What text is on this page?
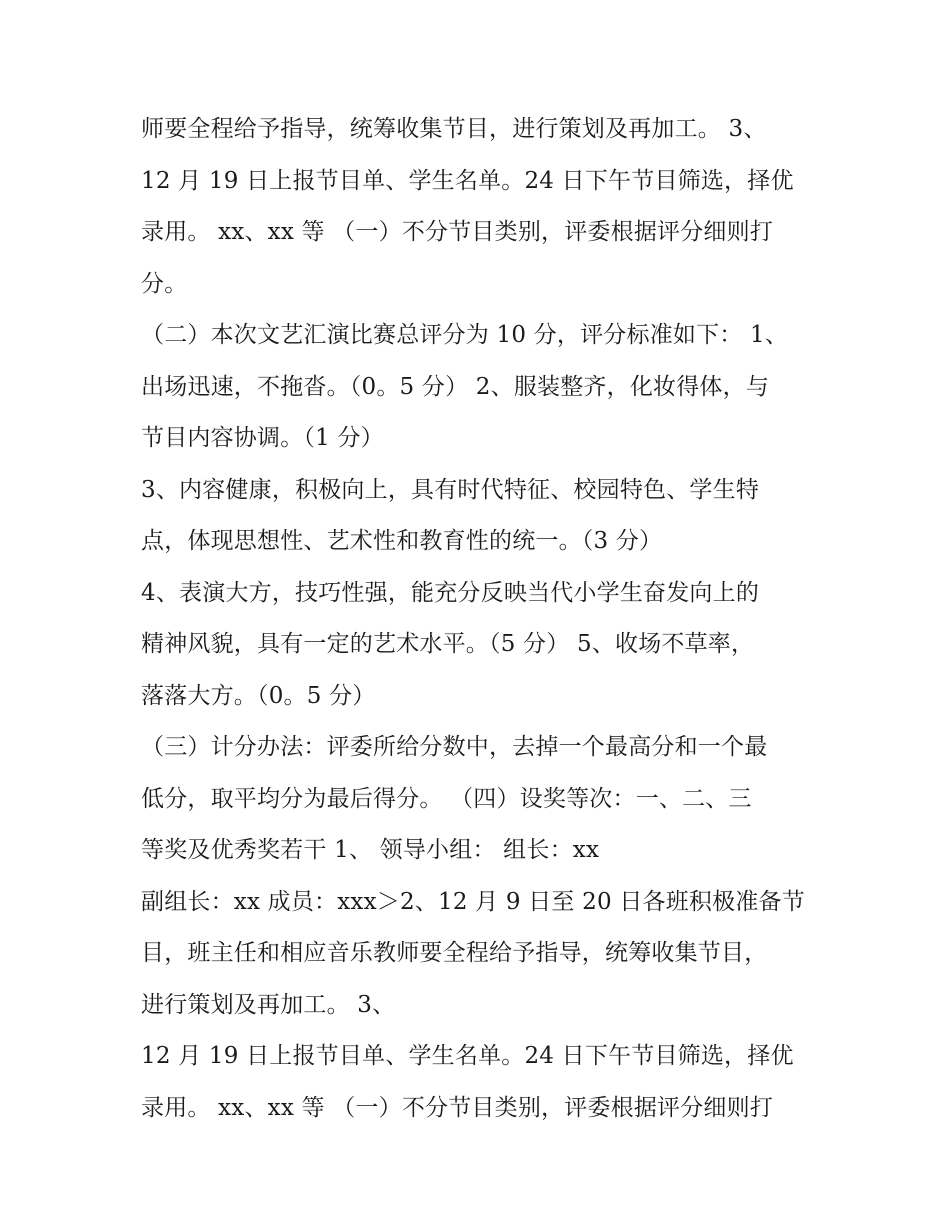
师要全程给予指导，统筹收集节目，进行策划及再加工。 3、
12 月 19 日上报节目单、学生名单。24 日下午节目筛选，择优
录用。 xx、xx 等 （一）不分节目类别，评委根据评分细则打
分。
（二）本次文艺汇演比赛总评分为 10 分，评分标准如下： 1、
出场迅速，不拖沓。（0。5 分） 2、服装整齐，化妆得体，与
节目内容协调。（1 分）
3、内容健康，积极向上，具有时代特征、校园特色、学生特
点，体现思想性、艺术性和教育性的统一。（3 分）
4、表演大方，技巧性强，能充分反映当代小学生奋发向上的
精神风貌，具有一定的艺术水平。（5 分） 5、收场不草率，
落落大方。（0。5 分）
（三）计分办法：评委所给分数中，去掉一个最高分和一个最
低分，取平均分为最后得分。 （四）设奖等次：一、二、三
等奖及优秀奖若干 1、 领导小组： 组长：xx
副组长：xx 成员：xxx＞2、12 月 9 日至 20 日各班积极准备节
目，班主任和相应音乐教师要全程给予指导，统筹收集节目，
进行策划及再加工。 3、
12 月 19 日上报节目单、学生名单。24 日下午节目筛选，择优
录用。 xx、xx 等 （一）不分节目类别，评委根据评分细则打
